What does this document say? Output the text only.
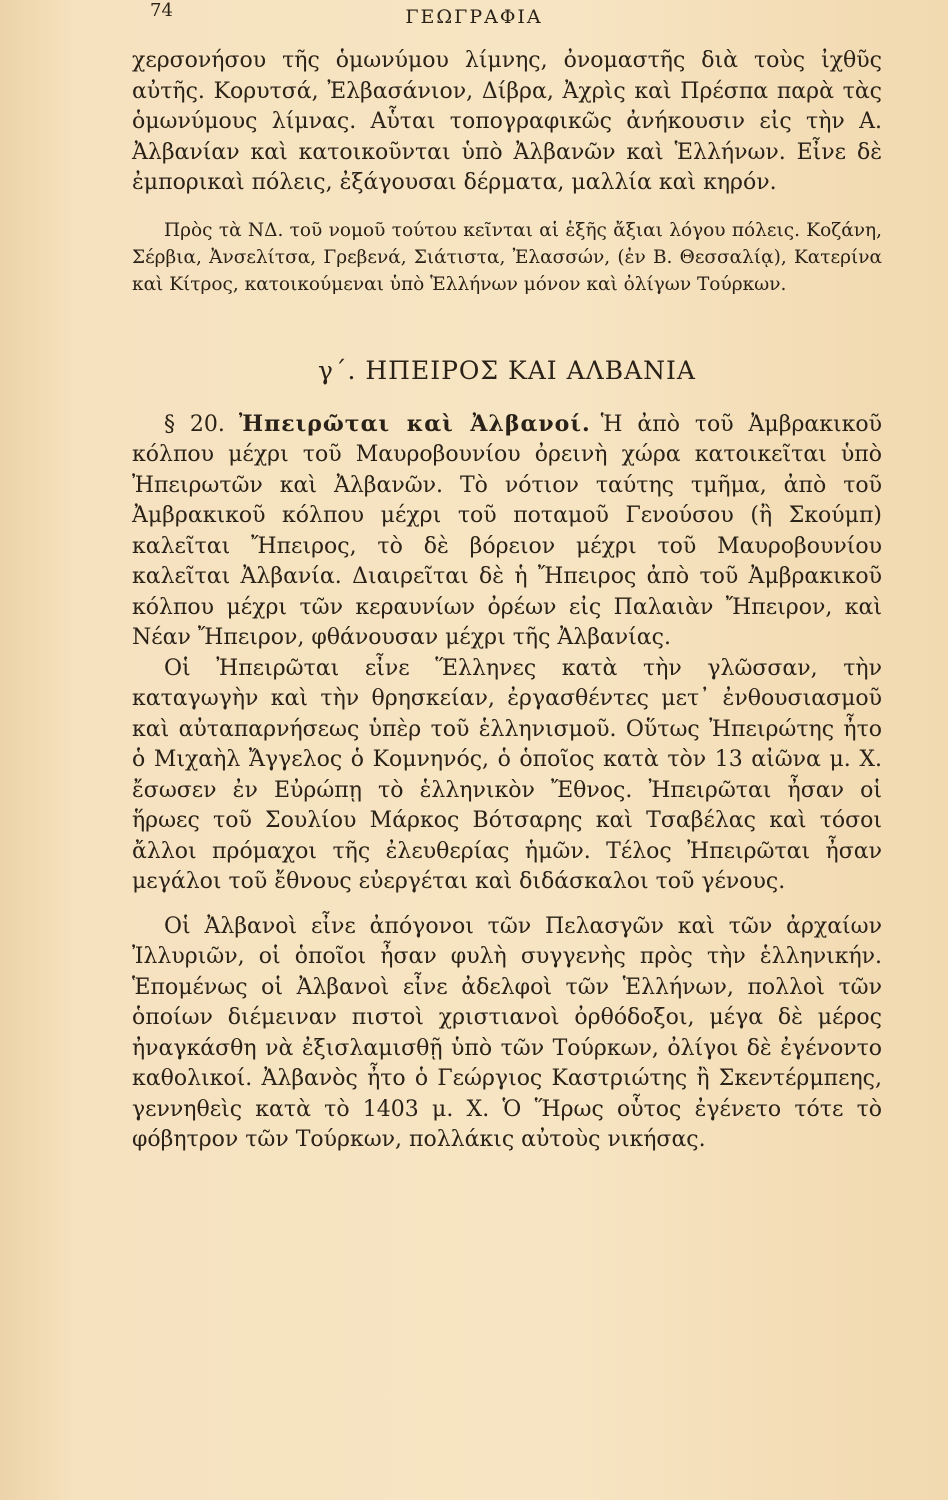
74	ΓΕΩΓΡΑΦΙΑ

χερσονήσου τῆς ὁμωνύμου λίμνης, ὀνομαστῆς διὰ τοὺς ἰχθῦς αὐτῆς. Κορυτσά, Ἐλβασάνιον, Δίβρα, Ἀχρὶς καὶ Πρέσπα παρὰ τὰς ὁμωνύμους λίμνας. Αὗται τοπογραφικῶς ἀνήκουσιν εἰς τὴν Α. Ἀλβανίαν καὶ κατοικοῦνται ὑπὸ Ἀλβανῶν καὶ Ἑλλήνων. Εἶνε δὲ ἐμπορικαὶ πόλεις, ἐξάγουσαι δέρματα, μαλλία καὶ κηρόν.

Πρὸς τὰ ΝΔ. τοῦ νομοῦ τούτου κεῖνται αἱ ἑξῆς ἄξιαι λόγου πόλεις. Κοζάνη, Σέρβια, Ἀνσελίτσα, Γρεβενά, Σιάτιστα, Ἐλασσών, (ἐν Β. Θεσσαλίᾳ), Κατερίνα καὶ Κίτρος, κατοικούμεναι ὑπὸ Ἑλλήνων μόνον καὶ ὀλίγων Τούρκων.

γ΄. ΗΠΕΙΡΟΣ ΚΑΙ ΑΛΒΑΝΙΑ

§ 20. Ἠπειρῶται καὶ Ἀλβανοί. Ἡ ἀπὸ τοῦ Ἀμβρακικοῦ κόλπου μέχρι τοῦ Μαυροβουνίου ὀρεινὴ χώρα κατοικεῖται ὑπὸ Ἠπειρωτῶν καὶ Ἀλβανῶν. Τὸ νότιον ταύτης τμῆμα, ἀπὸ τοῦ Ἀμβρακικοῦ κόλπου μέχρι τοῦ ποταμοῦ Γενούσου (ἢ Σκούμπ) καλεῖται Ἤπειρος, τὸ δὲ βόρειον μέχρι τοῦ Μαυροβουνίου καλεῖται Ἀλβανία. Διαιρεῖται δὲ ἡ Ἤπειρος ἀπὸ τοῦ Ἀμβρακικοῦ κόλπου μέχρι τῶν κεραυνίων ὀρέων εἰς Παλαιὰν Ἤπειρον, καὶ Νέαν Ἤπειρον, φθάνουσαν μέχρι τῆς Ἀλβανίας.

Οἱ Ἠπειρῶται εἶνε Ἕλληνες κατὰ τὴν γλῶσσαν, τὴν καταγωγὴν καὶ τὴν θρησκείαν, ἐργασθέντες μετ᾽ ἐνθουσιασμοῦ καὶ αὐταπαρνήσεως ὑπὲρ τοῦ ἑλληνισμοῦ. Οὕτως Ἠπειρώτης ἦτο ὁ Μιχαὴλ Ἄγγελος ὁ Κομνηνός, ὁ ὁποῖος κατὰ τὸν 13 αἰῶνα μ. Χ. ἔσωσεν ἐν Εὐρώπῃ τὸ ἑλληνικὸν Ἔθνος. Ἠπειρῶται ἦσαν οἱ ἥρωες τοῦ Σουλίου Μάρκος Βότσαρης καὶ Τσαβέλας καὶ τόσοι ἄλλοι πρόμαχοι τῆς ἐλευθερίας ἡμῶν. Τέλος Ἠπειρῶται ἦσαν μεγάλοι τοῦ ἔθνους εὐεργέται καὶ διδάσκαλοι τοῦ γένους.

Οἱ Ἀλβανοὶ εἶνε ἀπόγονοι τῶν Πελασγῶν καὶ τῶν ἀρχαίων Ἰλλυριῶν, οἱ ὁποῖοι ἦσαν φυλὴ συγγενὴς πρὸς τὴν ἑλληνικήν. Ἑπομένως οἱ Ἀλβανοὶ εἶνε ἀδελφοὶ τῶν Ἑλλήνων, πολλοὶ τῶν ὁποίων διέμειναν πιστοὶ χριστιανοὶ ὀρθόδοξοι, μέγα δὲ μέρος ἠναγκάσθη νὰ ἐξισλαμισθῇ ὑπὸ τῶν Τούρκων, ὀλίγοι δὲ ἐγένοντο καθολικοί. Ἀλβανὸς ἦτο ὁ Γεώργιος Καστριώτης ἢ Σκεντέρμπεης, γεννηθεὶς κατὰ τὸ 1403 μ. Χ. Ὁ Ἥρως οὗτος ἐγένετο τότε τὸ φόβητρον τῶν Τούρκων, πολλάκις αὐτοὺς νικήσας.
